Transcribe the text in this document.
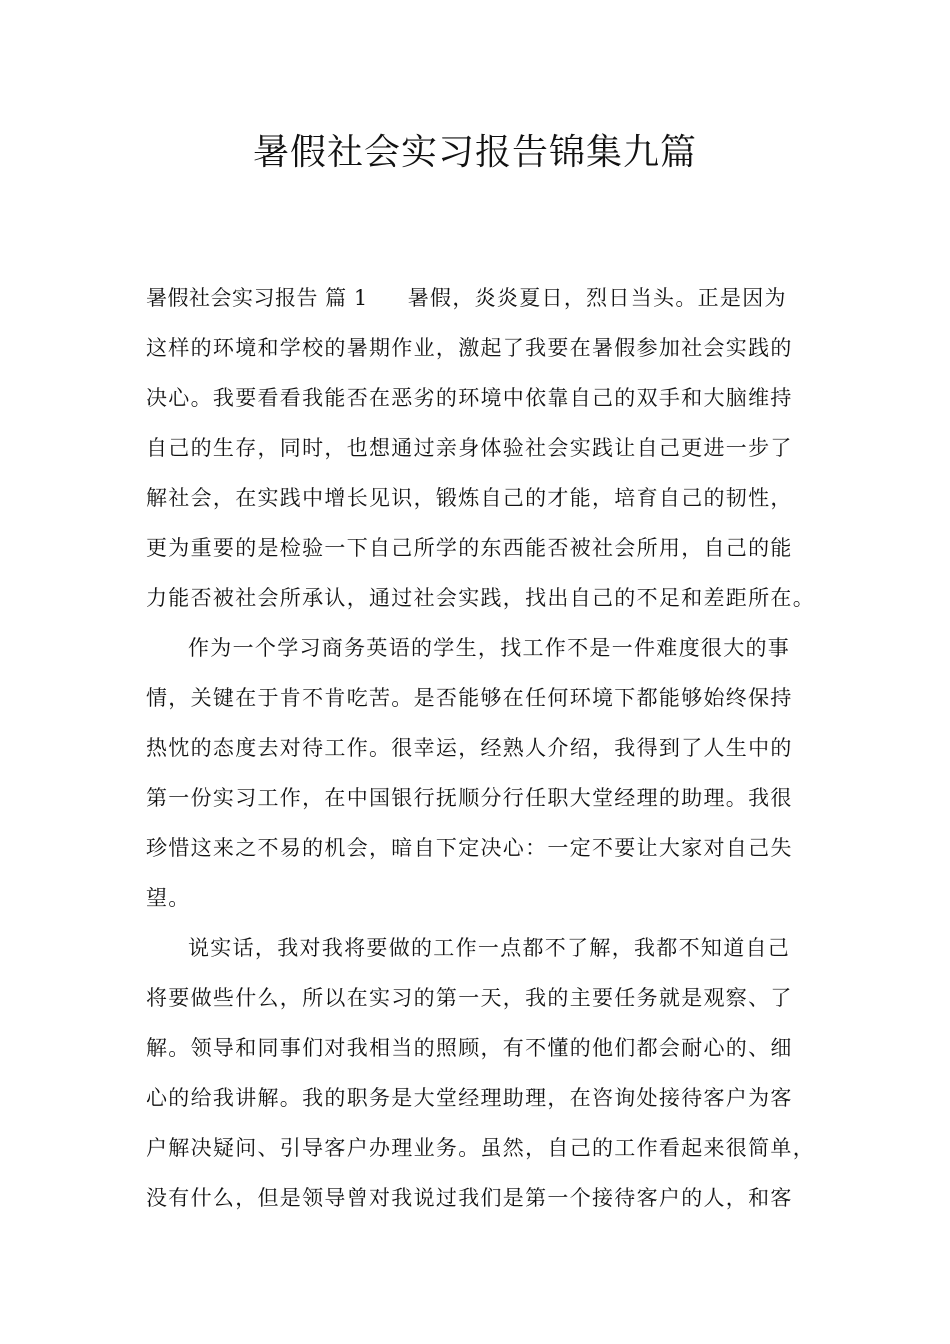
暑假社会实习报告锦集九篇
暑假社会实习报告 篇 1 暑假，炎炎夏日，烈日当头。正是因为
这样的环境和学校的暑期作业，激起了我要在暑假参加社会实践的
决心。我要看看我能否在恶劣的环境中依靠自己的双手和大脑维持
自己的生存，同时，也想通过亲身体验社会实践让自己更进一步了
解社会，在实践中增长见识，锻炼自己的才能，培育自己的韧性，
更为重要的是检验一下自己所学的东西能否被社会所用，自己的能
力能否被社会所承认，通过社会实践，找出自己的不足和差距所在。
作为一个学习商务英语的学生，找工作不是一件难度很大的事
情，关键在于肯不肯吃苦。是否能够在任何环境下都能够始终保持
热忱的态度去对待工作。很幸运，经熟人介绍，我得到了人生中的
第一份实习工作，在中国银行抚顺分行任职大堂经理的助理。我很
珍惜这来之不易的机会，暗自下定决心：一定不要让大家对自己失
望。
说实话，我对我将要做的工作一点都不了解，我都不知道自己
将要做些什么，所以在实习的第一天，我的主要任务就是观察、了
解。领导和同事们对我相当的照顾，有不懂的他们都会耐心的、细
心的给我讲解。我的职务是大堂经理助理，在咨询处接待客户为客
户解决疑问、引导客户办理业务。虽然，自己的工作看起来很简单，
没有什么，但是领导曾对我说过我们是第一个接待客户的人，和客
